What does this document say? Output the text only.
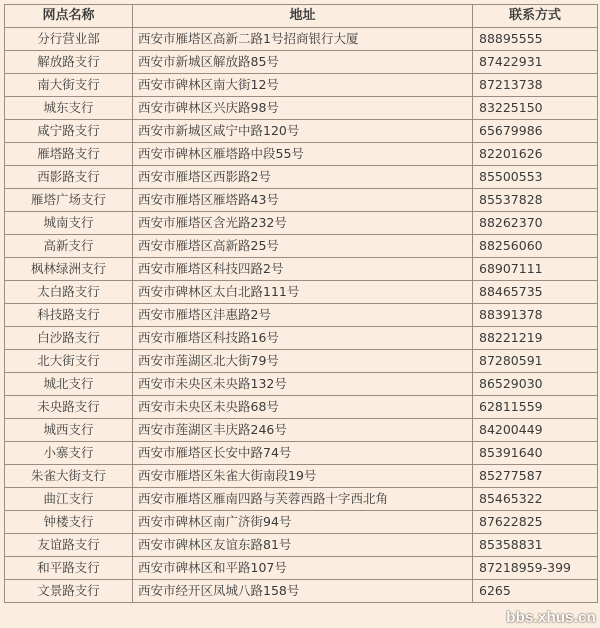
网点名称	地址	联系方式
分行营业部	西安市雁塔区高新二路1号招商银行大厦	88895555
解放路支行	西安市新城区解放路85号	87422931
南大街支行	西安市碑林区南大街12号	87213738
城东支行	西安市碑林区兴庆路98号	83225150
咸宁路支行	西安市新城区咸宁中路120号	65679986
雁塔路支行	西安市碑林区雁塔路中段55号	82201626
西影路支行	西安市雁塔区西影路2号	85500553
雁塔广场支行	西安市雁塔区雁塔路43号	85537828
城南支行	西安市雁塔区含光路232号	88262370
高新支行	西安市雁塔区高新路25号	88256060
枫林绿洲支行	西安市雁塔区科技四路2号	68907111
太白路支行	西安市碑林区太白北路111号	88465735
科技路支行	西安市雁塔区沣惠路2号	88391378
白沙路支行	西安市雁塔区科技路16号	88221219
北大街支行	西安市莲湖区北大街79号	87280591
城北支行	西安市未央区未央路132号	86529030
未央路支行	西安市未央区未央路68号	62811559
城西支行	西安市莲湖区丰庆路246号	84200449
小寨支行	西安市雁塔区长安中路74号	85391640
朱雀大街支行	西安市雁塔区朱雀大街南段19号	85277587
曲江支行	西安市雁塔区雁南四路与芙蓉西路十字西北角	85465322
钟楼支行	西安市碑林区南广济街94号	87622825
友谊路支行	西安市碑林区友谊东路81号	85358831
和平路支行	西安市碑林区和平路107号	87218959-399
文景路支行	西安市经开区凤城八路158号	6265
bbs.xhus.cn
